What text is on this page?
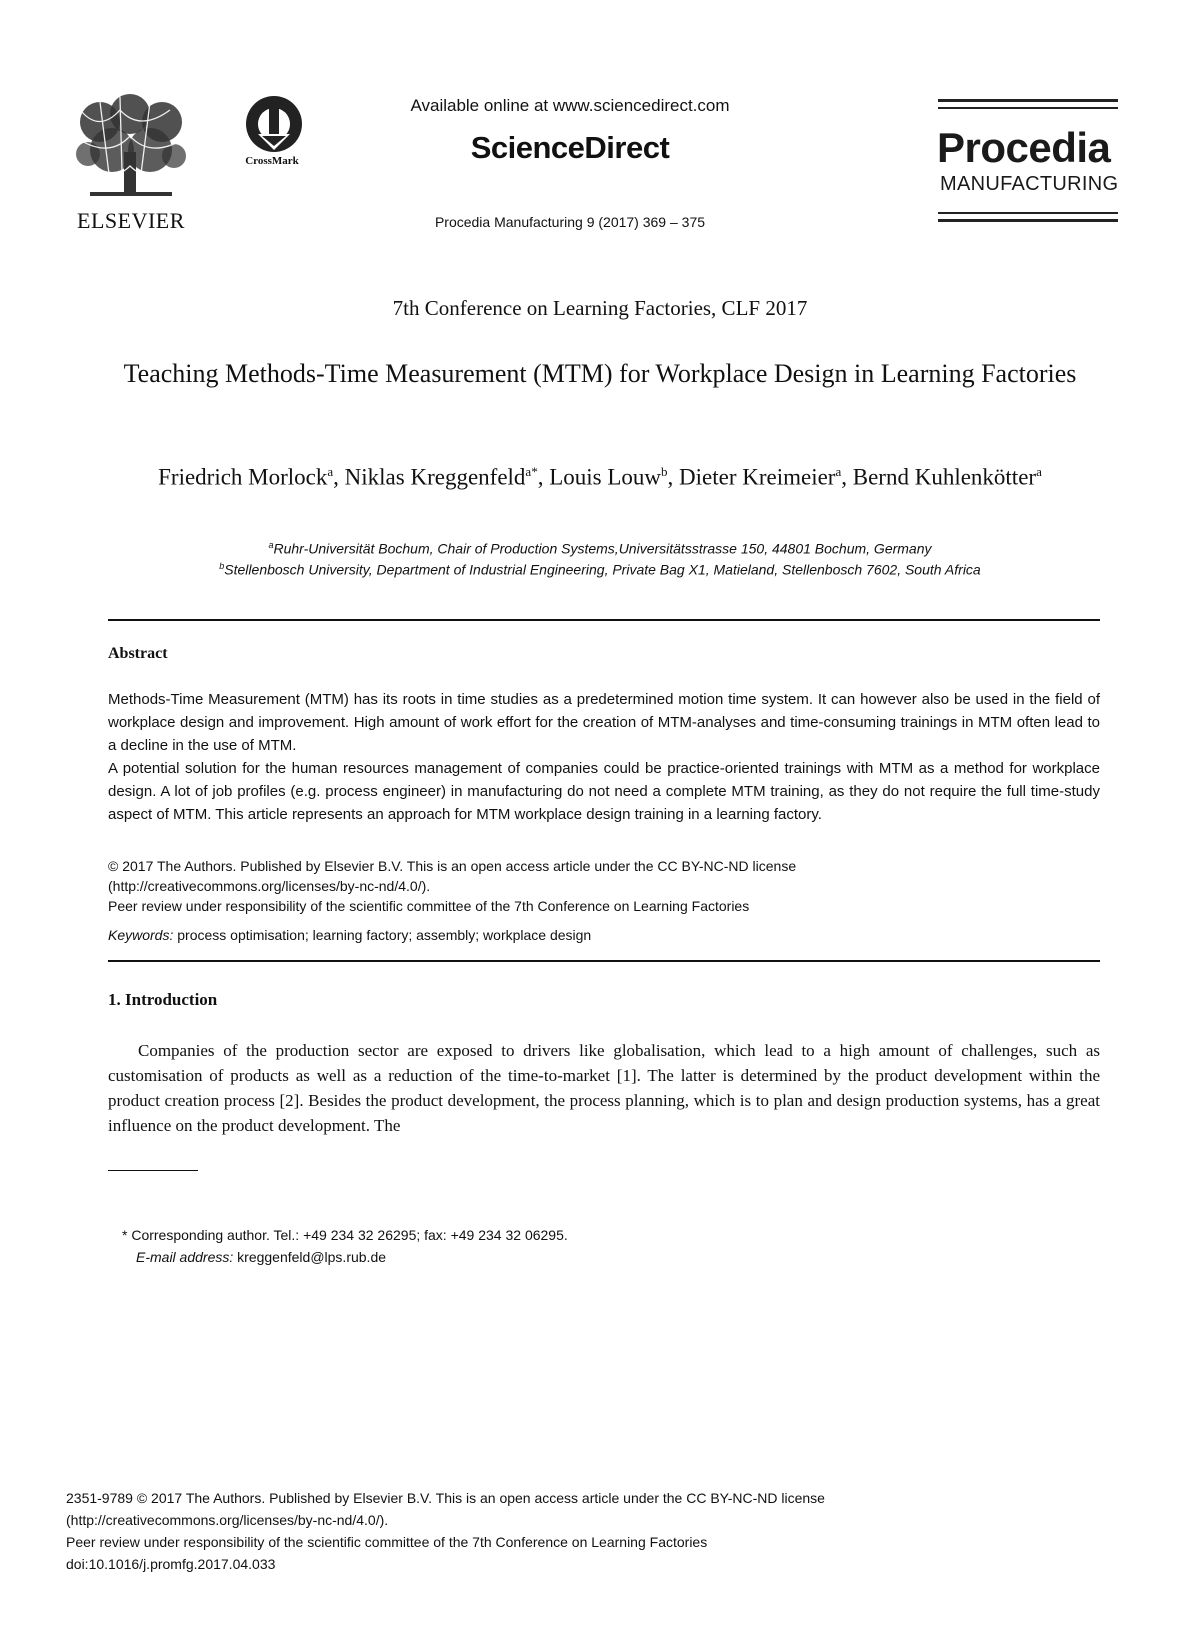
ELSEVIER
CrossMark
Available online at www.sciencedirect.com
ScienceDirect
Procedia Manufacturing 9 (2017) 369 – 375
Procedia
MANUFACTURING
7th Conference on Learning Factories, CLF 2017
Teaching Methods-Time Measurement (MTM) for Workplace Design in Learning Factories
Friedrich Morlock$^a$, Niklas Kreggenfeld$^{a*}$, Louis Louw$^b$, Dieter Kreimeier$^a$, Bernd Kuhlenkötter$^a$
$^a$Ruhr-Universität Bochum, Chair of Production Systems,Universitätsstrasse 150, 44801 Bochum, Germany
$^b$Stellenbosch University, Department of Industrial Engineering, Private Bag X1, Matieland, Stellenbosch 7602, South Africa
Abstract
Methods-Time Measurement (MTM) has its roots in time studies as a predetermined motion time system. It can however also be used in the field of workplace design and improvement. High amount of work effort for the creation of MTM-analyses and time-consuming trainings in MTM often lead to a decline in the use of MTM.
A potential solution for the human resources management of companies could be practice-oriented trainings with MTM as a method for workplace design. A lot of job profiles (e.g. process engineer) in manufacturing do not need a complete MTM training, as they do not require the full time-study aspect of MTM. This article represents an approach for MTM workplace design training in a learning factory.
© 2017 The Authors. Published by Elsevier B.V. This is an open access article under the CC BY-NC-ND license
(http://creativecommons.org/licenses/by-nc-nd/4.0/).
Peer review under responsibility of the scientific committee of the 7th Conference on Learning Factories
Keywords: process optimisation; learning factory; assembly; workplace design
1. Introduction
Companies of the production sector are exposed to drivers like globalisation, which lead to a high amount of challenges, such as customisation of products as well as a reduction of the time-to-market [1]. The latter is determined by the product development within the product creation process [2]. Besides the product development, the process planning, which is to plan and design production systems, has a great influence on the product development. The
* Corresponding author. Tel.: +49 234 32 26295; fax: +49 234 32 06295.
E-mail address: kreggenfeld@lps.rub.de
2351-9789 © 2017 The Authors. Published by Elsevier B.V. This is an open access article under the CC BY-NC-ND license
(http://creativecommons.org/licenses/by-nc-nd/4.0/).
Peer review under responsibility of the scientific committee of the 7th Conference on Learning Factories
doi:10.1016/j.promfg.2017.04.033
